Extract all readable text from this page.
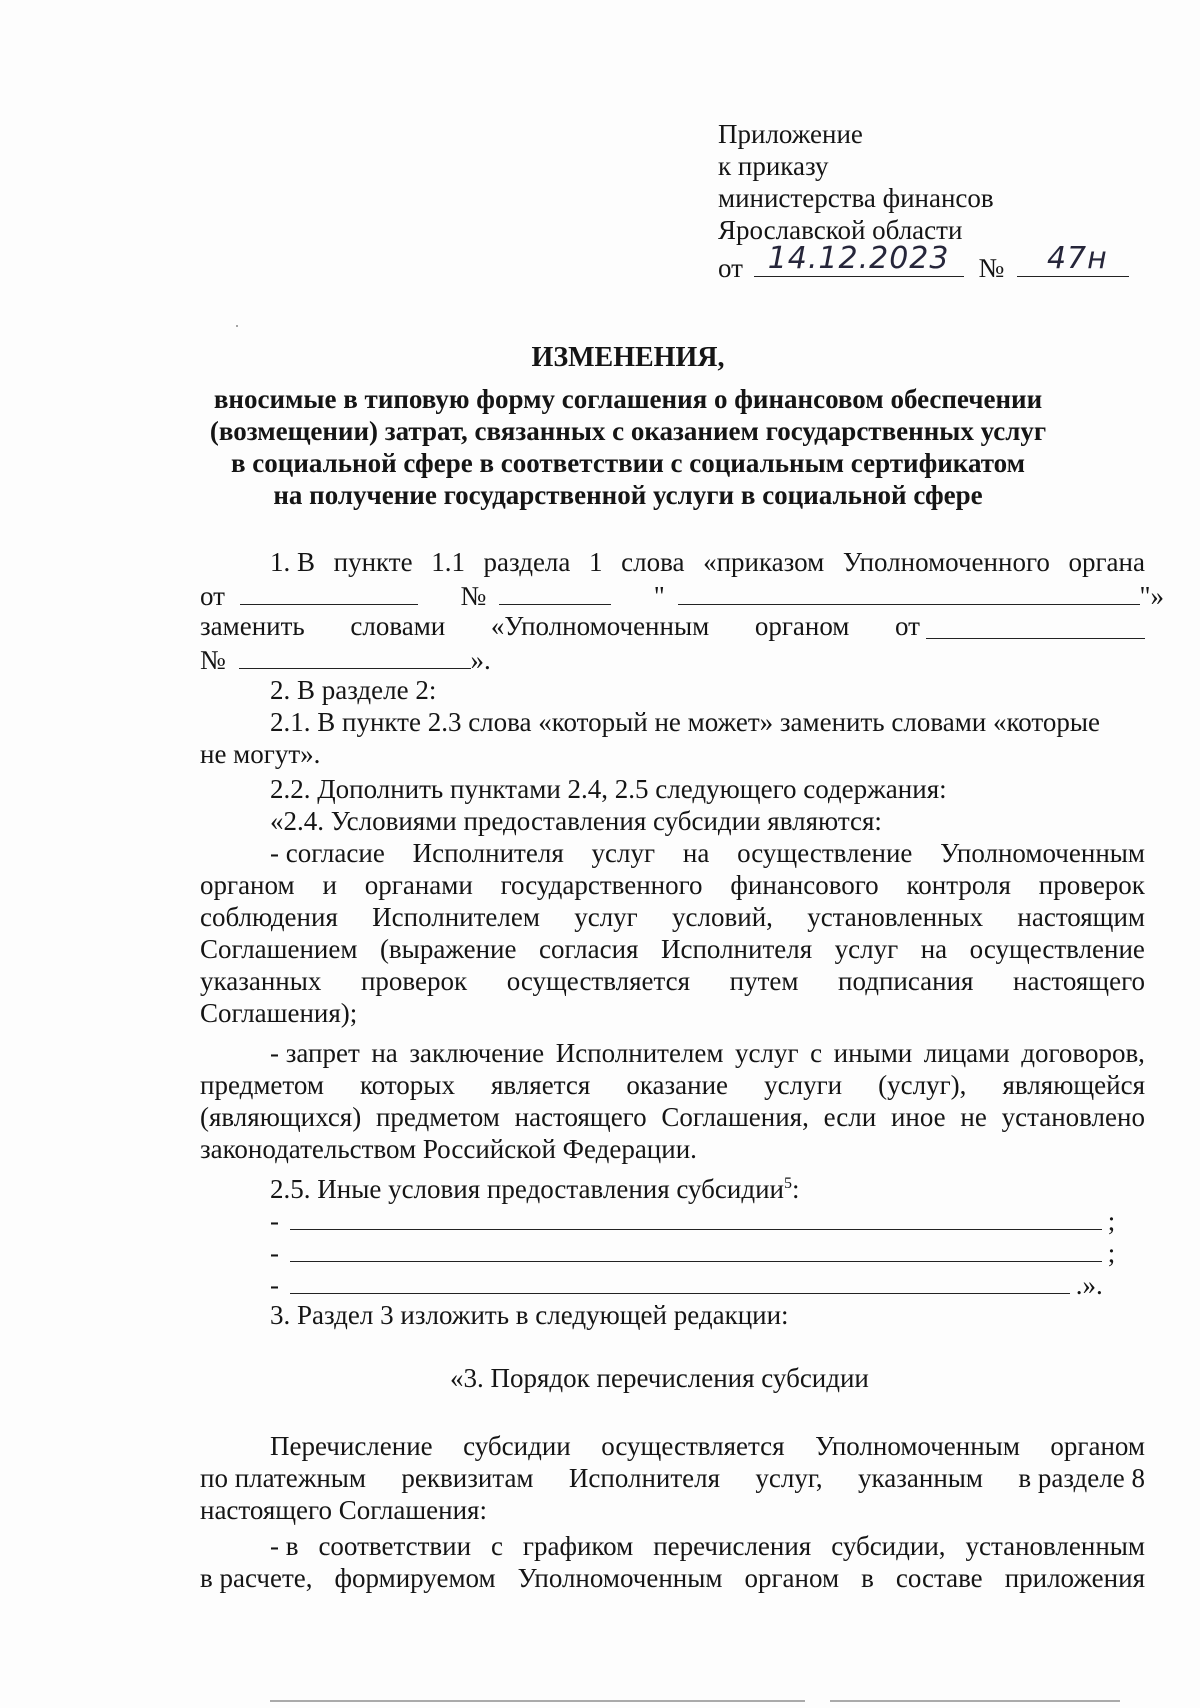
Приложение
к приказу
министерства финансов
Ярославской области
от 14.12.2023 № 47н
ИЗМЕНЕНИЯ,
вносимые в типовую форму соглашения о финансовом обеспечении
(возмещении) затрат, связанных с оказанием государственных услуг
в социальной сфере в соответствии с социальным сертификатом
на получение государственной услуги в социальной сфере
1. В пункте 1.1 раздела 1 слова «приказом Уполномоченного органа
от	№	"	"»
заменить словами «Уполномоченным органом от
№	».
2. В разделе 2:
2.1. В пункте 2.3 слова «который не может» заменить словами «которые
не могут».
2.2. Дополнить пунктами 2.4, 2.5 следующего содержания:
«2.4. Условиями предоставления субсидии являются:
- согласие Исполнителя услуг на осуществление Уполномоченным
органом и органами государственного финансового контроля проверок
соблюдения Исполнителем услуг условий, установленных настоящим
Соглашением (выражение согласия Исполнителя услуг на осуществление
указанных проверок осуществляется путем подписания настоящего
Соглашения);
- запрет на заключение Исполнителем услуг с иными лицами договоров,
предметом которых является оказание услуги (услуг), являющейся
(являющихся) предметом настоящего Соглашения, если иное не установлено
законодательством Российской Федерации.
2.5. Иные условия предоставления субсидии$^5$:
-	;
-	;
-	.».
3. Раздел 3 изложить в следующей редакции:
«3. Порядок перечисления субсидии
Перечисление субсидии осуществляется Уполномоченным органом
по платежным реквизитам Исполнителя услуг, указанным в разделе 8
настоящего Соглашения:
- в соответствии с графиком перечисления субсидии, установленным
в расчете, формируемом Уполномоченным органом в составе приложения
